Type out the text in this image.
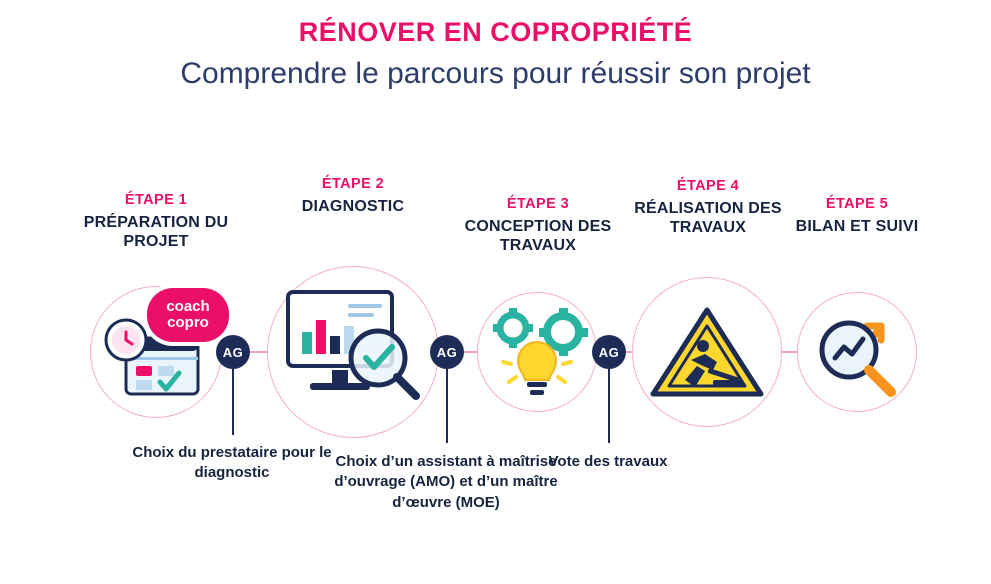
RÉNOVER EN COPROPRIÉTÉ
Comprendre le parcours pour réussir son projet
ÉTAPE 1
PRÉPARATION DU PROJET
coach
copro
AG
Choix du prestataire pour le diagnostic
ÉTAPE 2
DIAGNOSTIC
AG
Choix d’un assistant à maîtrise d’ouvrage (AMO) et d’un maître d’œuvre (MOE)
ÉTAPE 3
CONCEPTION DES TRAVAUX
AG
Vote des travaux
ÉTAPE 4
RÉALISATION DES TRAVAUX
ÉTAPE 5
BILAN ET SUIVI
